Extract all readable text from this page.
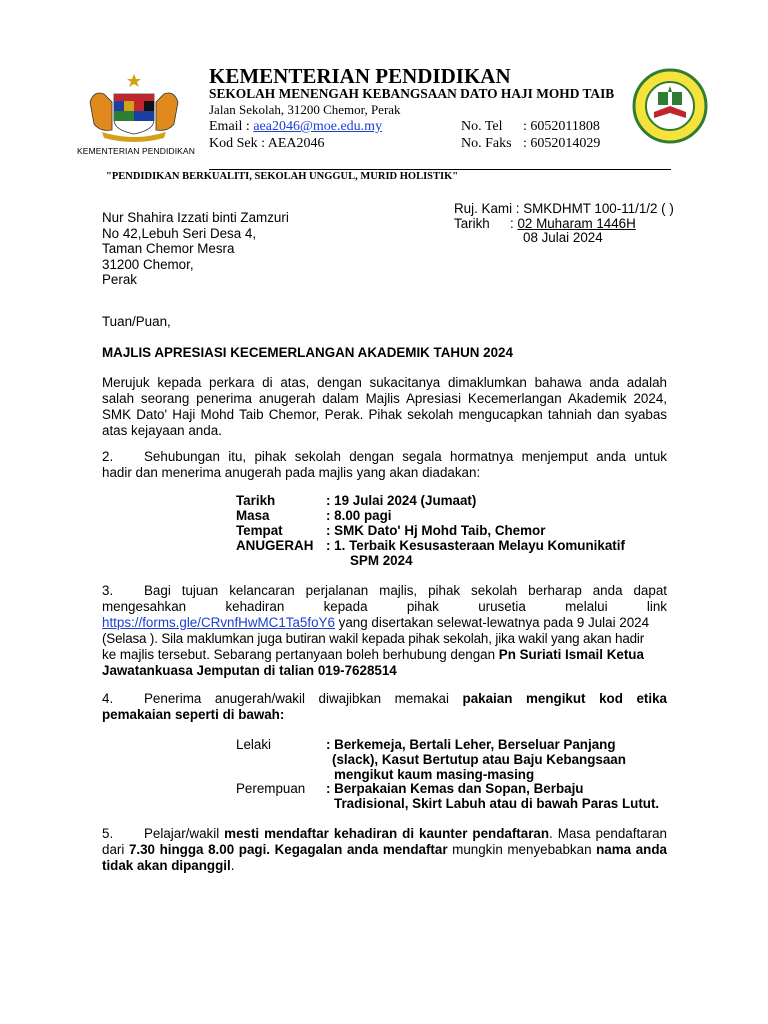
KEMENTERIAN PENDIDIKAN
KEMENTERIAN PENDIDIKAN
SEKOLAH MENENGAH KEBANGSAAN DATO HAJI MOHD TAIB
Jalan Sekolah, 31200 Chemor, Perak
Email : aea2046@moe.edu.my
Kod Sek : AEA2046
No. Tel : 6052011808
No. Faks : 6052014029
"PENDIDIKAN BERKUALITI, SEKOLAH UNGGUL, MURID HOLISTIK"
Ruj. Kami : SMKDHMT 100-11/1/2 ( )
Tarikh : 02 Muharam 1446H
08 Julai 2024
Nur Shahira Izzati binti Zamzuri
No 42,Lebuh Seri Desa 4,
Taman Chemor Mesra
31200 Chemor,
Perak
Tuan/Puan,
MAJLIS APRESIASI KECEMERLANGAN AKADEMIK TAHUN 2024
Merujuk kepada perkara di atas, dengan sukacitanya dimaklumkan bahawa anda adalah
salah seorang penerima anugerah dalam Majlis Apresiasi Kecemerlangan Akademik 2024,
SMK Dato' Haji Mohd Taib Chemor, Perak. Pihak sekolah mengucapkan tahniah dan syabas
atas kejayaan anda.
2. Sehubungan itu, pihak sekolah dengan segala hormatnya menjemput anda untuk
hadir dan menerima anugerah pada majlis yang akan diadakan:
Tarikh	: 19 Julai 2024 (Jumaat)
Masa	: 8.00 pagi
Tempat	: SMK Dato' Hj Mohd Taib, Chemor
ANUGERAH : 1. Terbaik Kesusasteraan Melayu Komunikatif
SPM 2024
3. Bagi tujuan kelancaran perjalanan majlis, pihak sekolah berharap anda dapat
mengesahkan kehadiran kepada pihak urusetia melalui link
https://forms.gle/CRvnfHwMC1Ta5foY6 yang disertakan selewat-lewatnya pada 9 Julai 2024
(Selasa ). Sila maklumkan juga butiran wakil kepada pihak sekolah, jika wakil yang akan hadir
ke majlis tersebut. Sebarang pertanyaan boleh berhubung dengan Pn Suriati Ismail Ketua
Jawatankuasa Jemputan di talian 019-7628514
4. Penerima anugerah/wakil diwajibkan memakai pakaian mengikut kod etika
pemakaian seperti di bawah:
Lelaki	: Berkemeja, Bertali Leher, Berseluar Panjang
(slack), Kasut Bertutup atau Baju Kebangsaan
mengikut kaum masing-masing
Perempuan : Berpakaian Kemas dan Sopan, Berbaju
Tradisional, Skirt Labuh atau di bawah Paras Lutut.
5. Pelajar/wakil mesti mendaftar kehadiran di kaunter pendaftaran. Masa pendaftaran
dari 7.30 hingga 8.00 pagi. Kegagalan anda mendaftar mungkin menyebabkan nama anda
tidak akan dipanggil.
